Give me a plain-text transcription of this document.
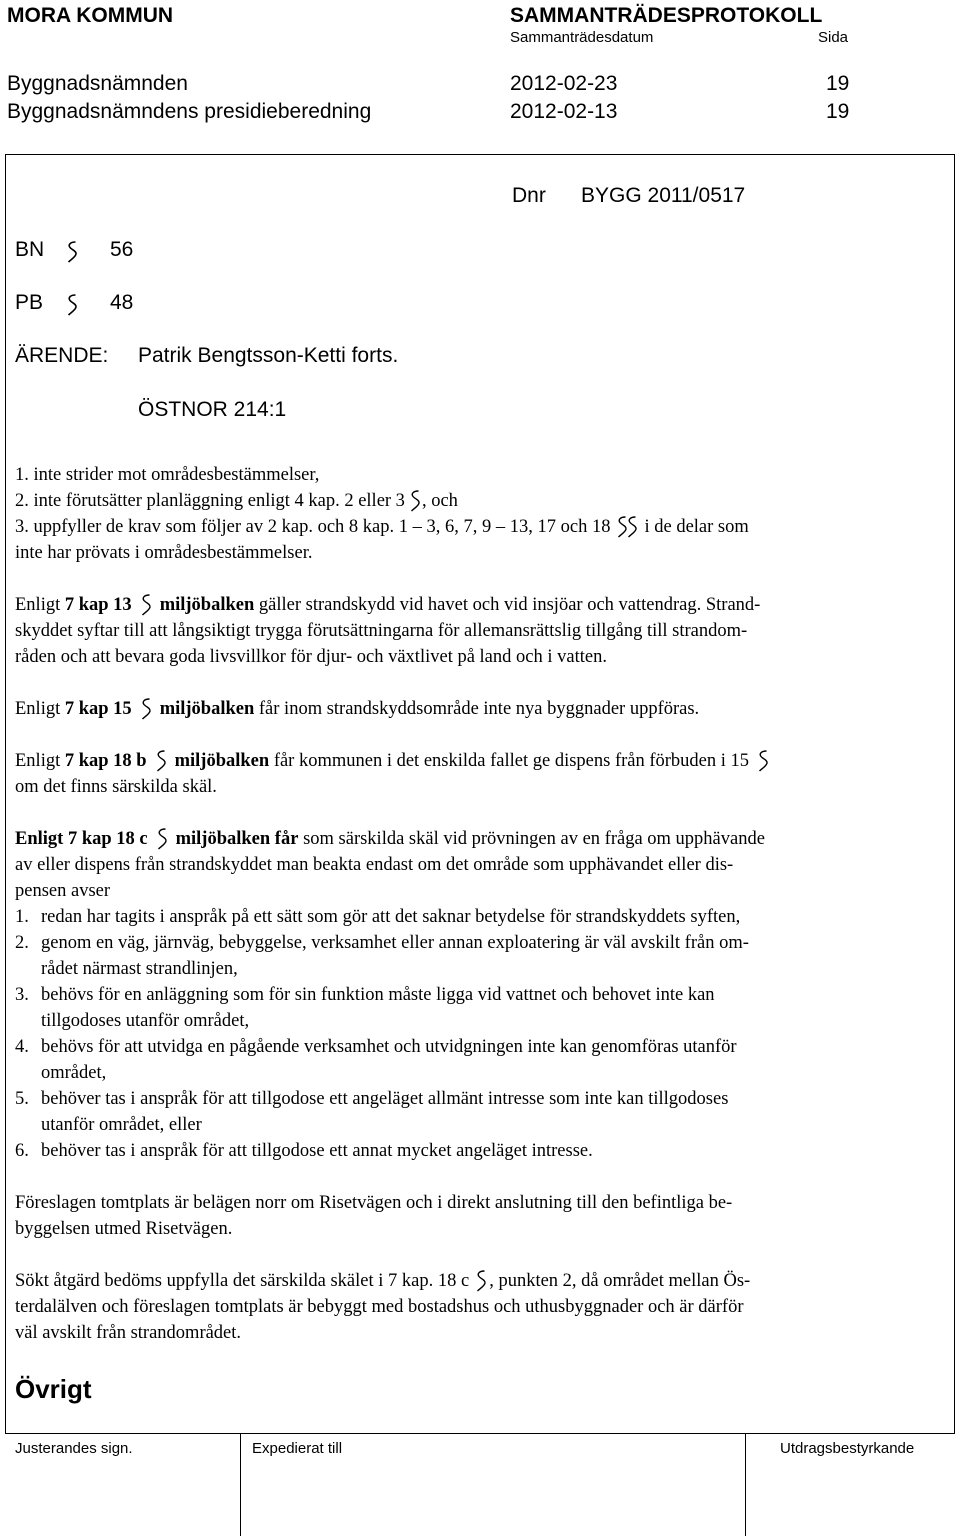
MORA KOMMUN	SAMMANTRÄDESPROTOKOLL
Sammanträdesdatum	Sida
Byggnadsnämnden	2012-02-23	19
Byggnadsnämndens presidieberedning	2012-02-13	19
Dnr BYGG 2011/0517
BN	56
PB	48
ÄRENDE: Patrik Bengtsson-Ketti forts.
ÖSTNOR 214:1
1. inte strider mot områdesbestämmelser,
2. inte förutsätter planläggning enligt 4 kap. 2 eller 3 , och
3. uppfyller de krav som följer av 2 kap. och 8 kap. 1 – 3, 6, 7, 9 – 13, 17 och 18 i de delar som
inte har prövats i områdesbestämmelser.
Enligt 7 kap 13 miljöbalken gäller strandskydd vid havet och vid insjöar och vattendrag. Strand-
skyddet syftar till att långsiktigt trygga förutsättningarna för allemansrättslig tillgång till strandom-
råden och att bevara goda livsvillkor för djur- och växtlivet på land och i vatten.
Enligt 7 kap 15 miljöbalken får inom strandskyddsområde inte nya byggnader uppföras.
Enligt 7 kap 18 b miljöbalken får kommunen i det enskilda fallet ge dispens från förbuden i 15
om det finns särskilda skäl.
Enligt 7 kap 18 c miljöbalken får som särskilda skäl vid prövningen av en fråga om upphävande
av eller dispens från strandskyddet man beakta endast om det område som upphävandet eller dis-
pensen avser
1. redan har tagits i anspråk på ett sätt som gör att det saknar betydelse för strandskyddets syften,
2. genom en väg, järnväg, bebyggelse, verksamhet eller annan exploatering är väl avskilt från om-
rådet närmast strandlinjen,
3. behövs för en anläggning som för sin funktion måste ligga vid vattnet och behovet inte kan
tillgodoses utanför området,
4. behövs för att utvidga en pågående verksamhet och utvidgningen inte kan genomföras utanför
området,
5. behöver tas i anspråk för att tillgodose ett angeläget allmänt intresse som inte kan tillgodoses
utanför området, eller
6. behöver tas i anspråk för att tillgodose ett annat mycket angeläget intresse.
Föreslagen tomtplats är belägen norr om Risetvägen och i direkt anslutning till den befintliga be-
byggelsen utmed Risetvägen.
Sökt åtgärd bedöms uppfylla det särskilda skälet i 7 kap. 18 c , punkten 2, då området mellan Ös-
terdalälven och föreslagen tomtplats är bebyggt med bostadshus och uthusbyggnader och är därför
väl avskilt från strandområdet.
Övrigt
Justerandes sign.	Expedierat till	Utdragsbestyrkande
